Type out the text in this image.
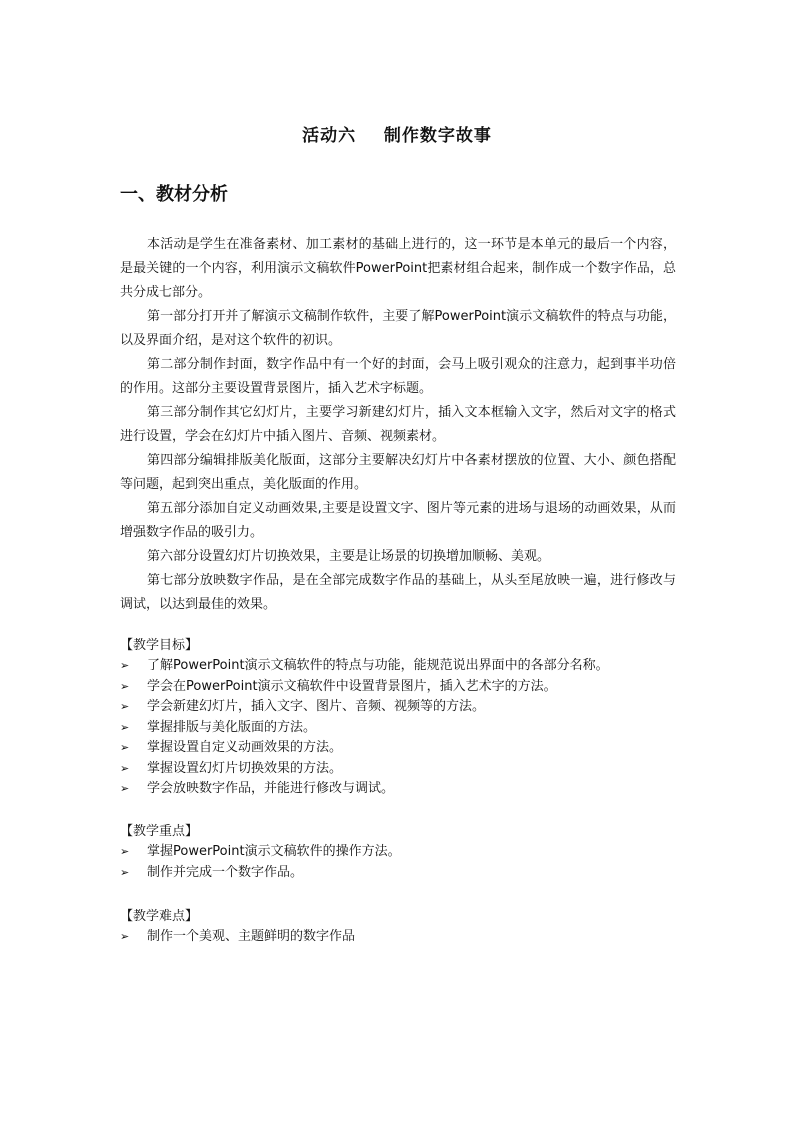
活动六    制作数字故事
一、教材分析

本活动是学生在准备素材、加工素材的基础上进行的，这一环节是本单元的最后一个内容，是最关键的一个内容，利用演示文稿软件PowerPoint把素材组合起来，制作成一个数字作品，总共分成七部分。

第一部分打开并了解演示文稿制作软件，主要了解PowerPoint演示文稿软件的特点与功能，以及界面介绍，是对这个软件的初识。

第二部分制作封面，数字作品中有一个好的封面，会马上吸引观众的注意力，起到事半功倍的作用。这部分主要设置背景图片，插入艺术字标题。

第三部分制作其它幻灯片，主要学习新建幻灯片，插入文本框输入文字，然后对文字的格式进行设置，学会在幻灯片中插入图片、音频、视频素材。

第四部分编辑排版美化版面，这部分主要解决幻灯片中各素材摆放的位置、大小、颜色搭配等问题，起到突出重点，美化版面的作用。

第五部分添加自定义动画效果,主要是设置文字、图片等元素的进场与退场的动画效果，从而增强数字作品的吸引力。

第六部分设置幻灯片切换效果，主要是让场景的切换增加顺畅、美观。

第七部分放映数字作品，是在全部完成数字作品的基础上，从头至尾放映一遍，进行修改与调试，以达到最佳的效果。

【教学目标】
➢ 了解PowerPoint演示文稿软件的特点与功能，能规范说出界面中的各部分名称。
➢ 学会在PowerPoint演示文稿软件中设置背景图片，插入艺术字的方法。
➢ 学会新建幻灯片，插入文字、图片、音频、视频等的方法。
➢ 掌握排版与美化版面的方法。
➢ 掌握设置自定义动画效果的方法。
➢ 掌握设置幻灯片切换效果的方法。
➢ 学会放映数字作品，并能进行修改与调试。
【教学重点】
➢ 掌握PowerPoint演示文稿软件的操作方法。
➢ 制作并完成一个数字作品。
【教学难点】
➢ 制作一个美观、主题鲜明的数字作品
